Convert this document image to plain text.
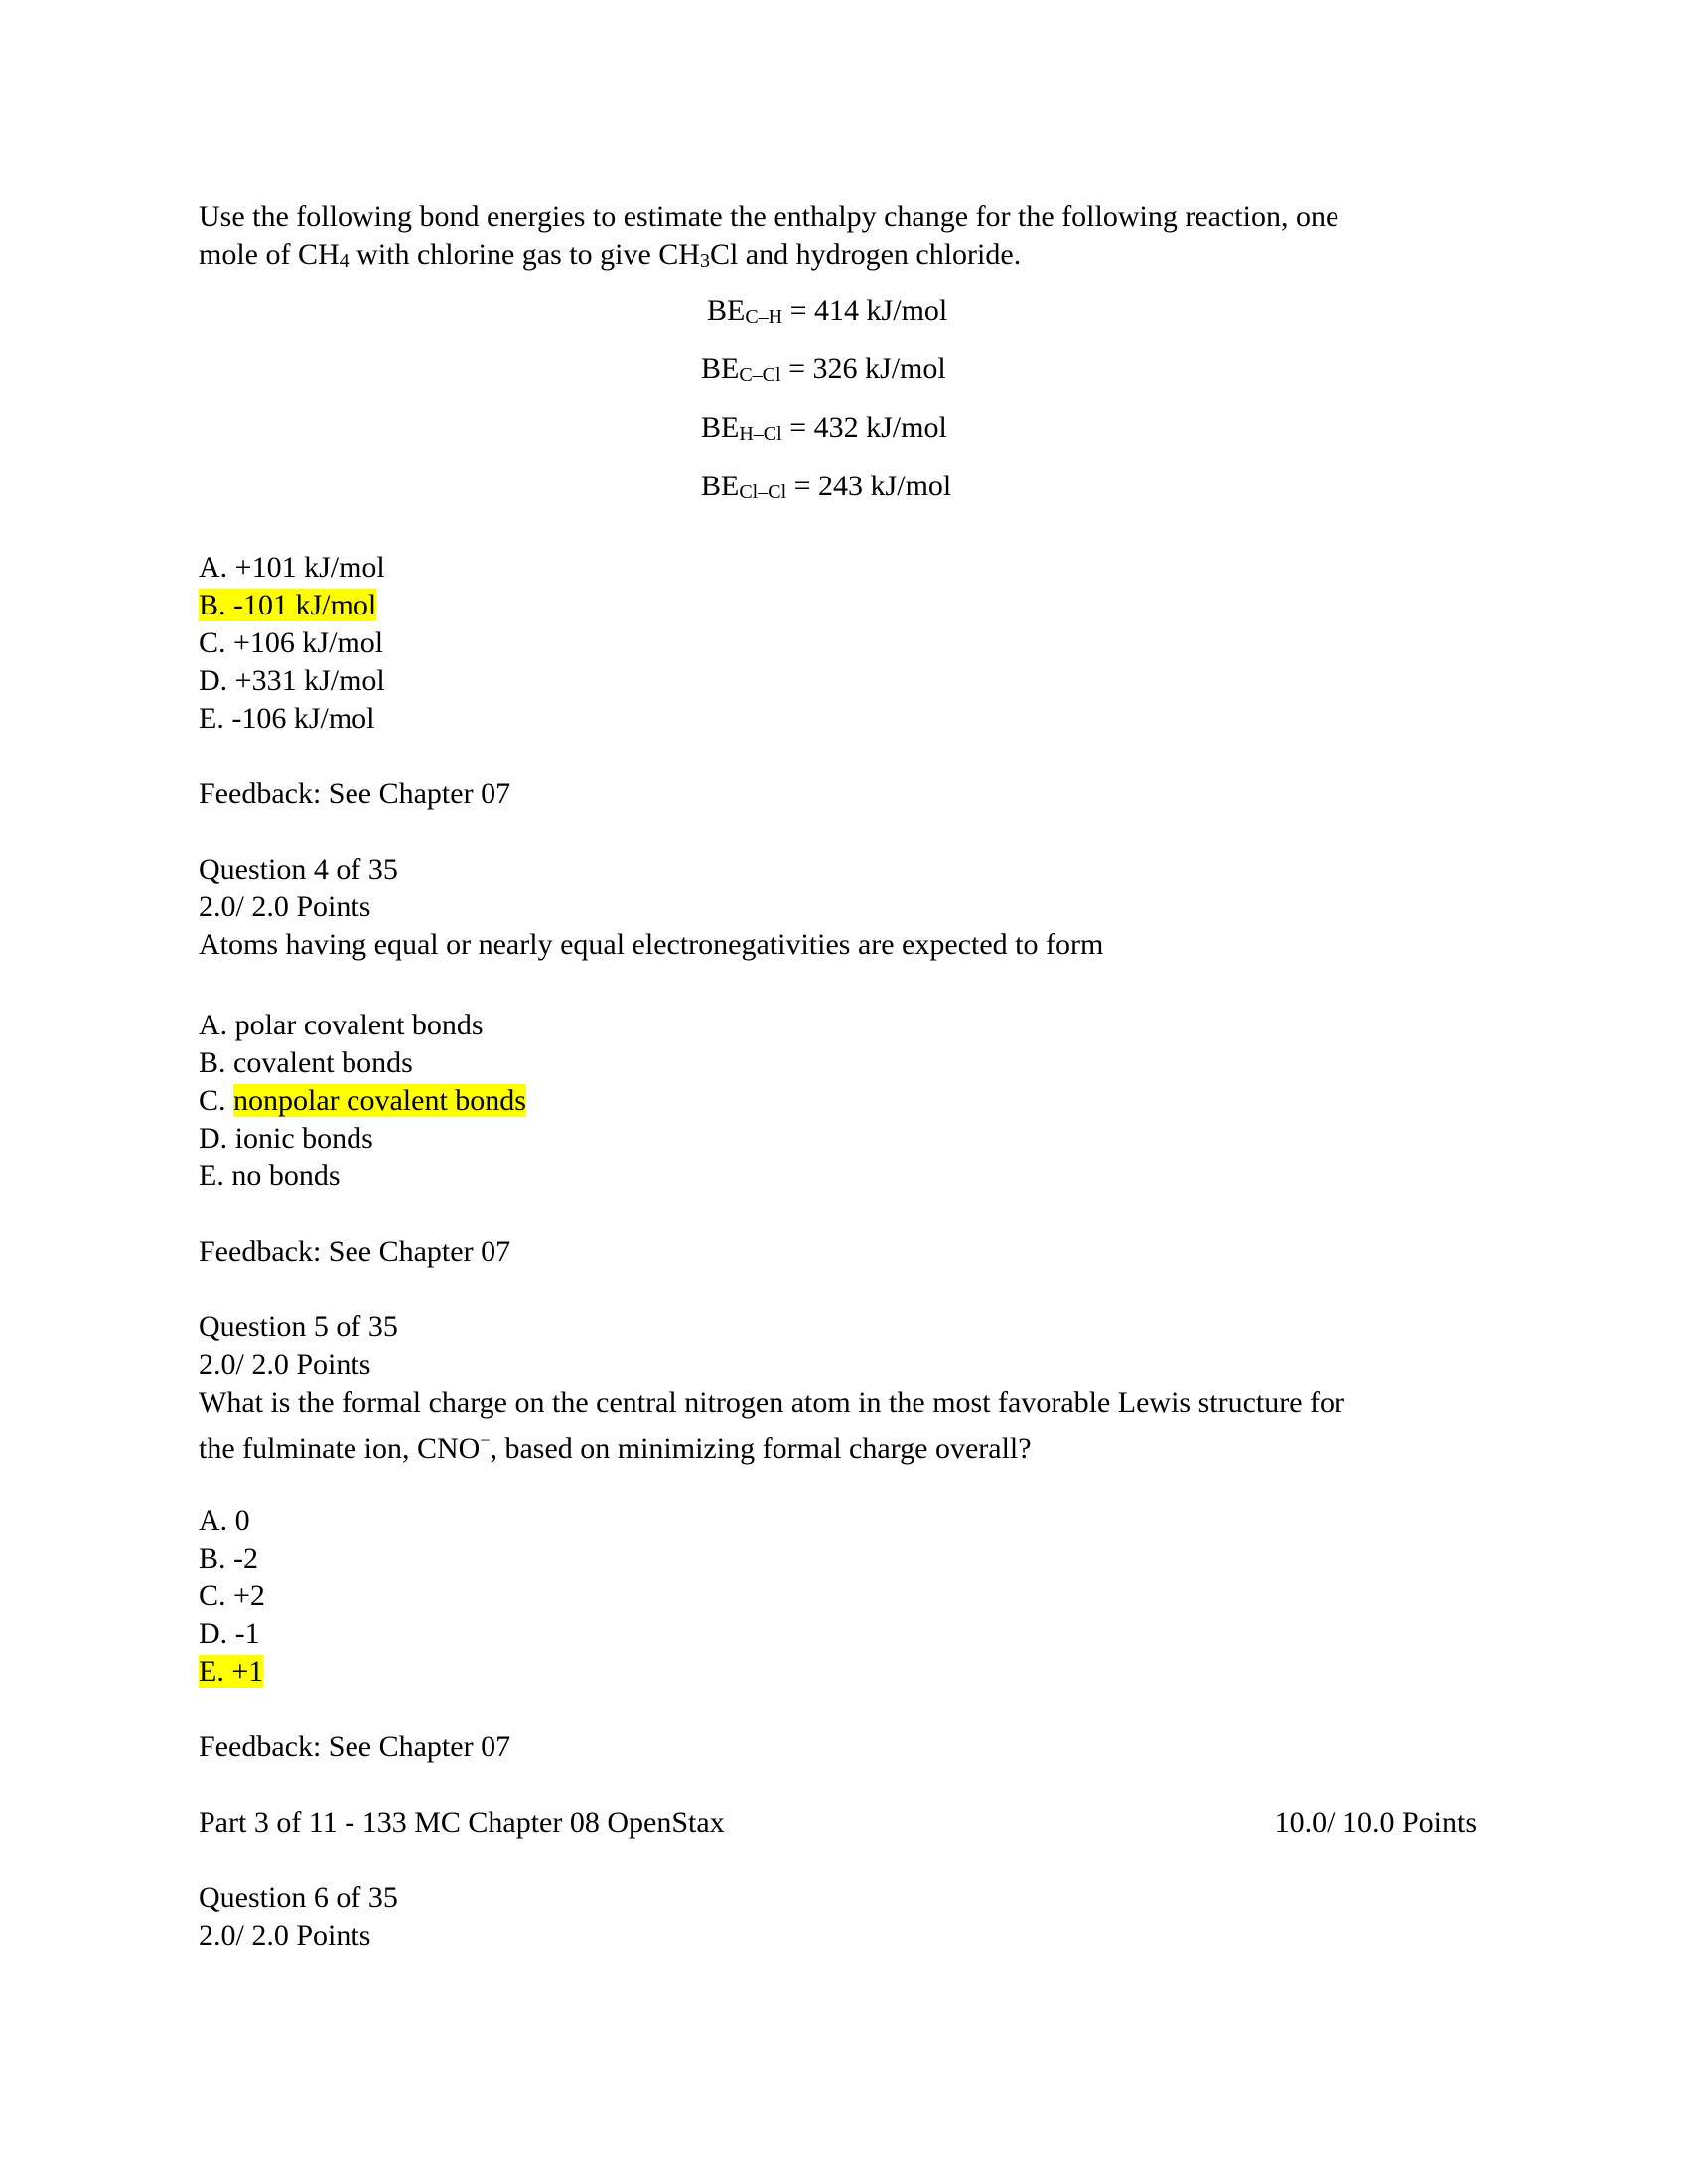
Use the following bond energies to estimate the enthalpy change for the following reaction, one
mole of CH4 with chlorine gas to give CH3Cl and hydrogen chloride.
BEC–H = 414 kJ/mol
BEC–Cl = 326 kJ/mol
BEH–Cl = 432 kJ/mol
BECl–Cl = 243 kJ/mol
A. +101 kJ/mol
B. -101 kJ/mol
C. +106 kJ/mol
D. +331 kJ/mol
E. -106 kJ/mol
Feedback: See Chapter 07
Question 4 of 35
2.0/ 2.0 Points
Atoms having equal or nearly equal electronegativities are expected to form
A. polar covalent bonds
B. covalent bonds
C. nonpolar covalent bonds
D. ionic bonds
E. no bonds
Feedback: See Chapter 07
Question 5 of 35
2.0/ 2.0 Points
What is the formal charge on the central nitrogen atom in the most favorable Lewis structure for
the fulminate ion, CNO−, based on minimizing formal charge overall?
A. 0
B. -2
C. +2
D. -1
E. +1
Feedback: See Chapter 07
Part 3 of 11 - 133 MC Chapter 08 OpenStax	10.0/ 10.0 Points
Question 6 of 35
2.0/ 2.0 Points
